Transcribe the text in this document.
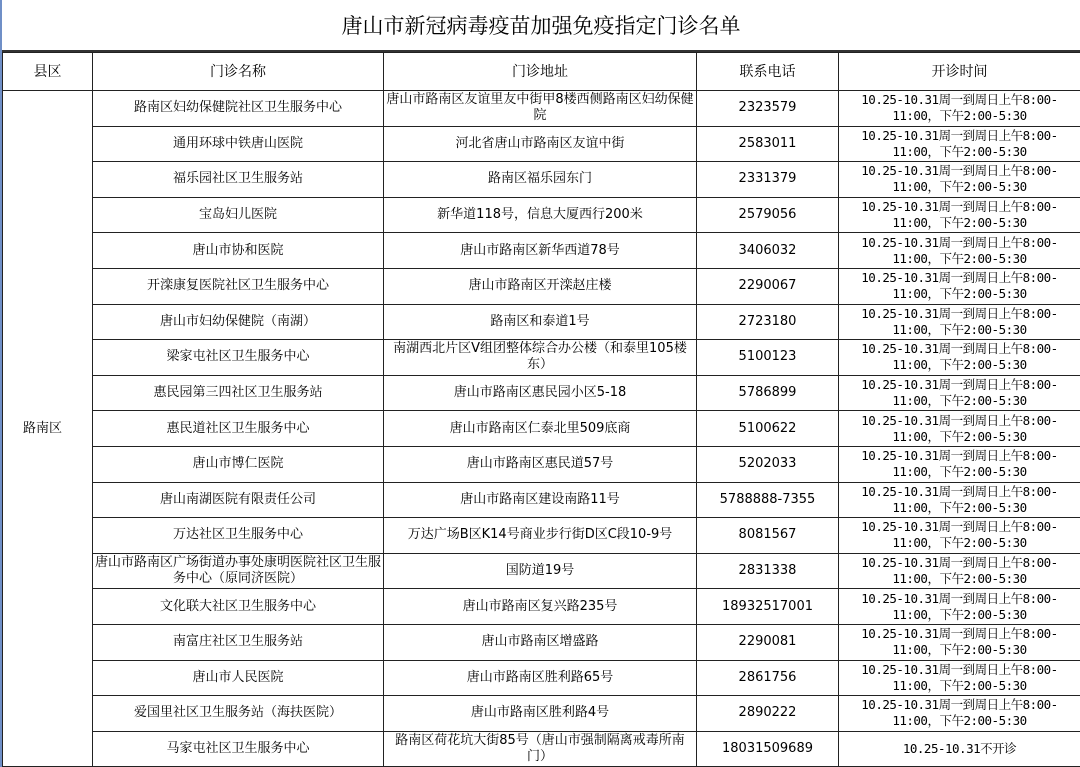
唐山市新冠病毒疫苗加强免疫指定门诊名单
县区	门诊名称	门诊地址	联系电话	开诊时间
路南区	路南区妇幼保健院社区卫生服务中心	唐山市路南区友谊里友中街甲8楼西侧路南区妇幼保健院	2323579	10.25-10.31周一到周日上午8:00-11:00，下午2:00-5:30
	通用环球中铁唐山医院	河北省唐山市路南区友谊中街	2583011	10.25-10.31周一到周日上午8:00-11:00，下午2:00-5:30
	福乐园社区卫生服务站	路南区福乐园东门	2331379	10.25-10.31周一到周日上午8:00-11:00，下午2:00-5:30
	宝岛妇儿医院	新华道118号，信息大厦西行200米	2579056	10.25-10.31周一到周日上午8:00-11:00，下午2:00-5:30
	唐山市协和医院	唐山市路南区新华西道78号	3406032	10.25-10.31周一到周日上午8:00-11:00，下午2:00-5:30
	开滦康复医院社区卫生服务中心	唐山市路南区开滦赵庄楼	2290067	10.25-10.31周一到周日上午8:00-11:00，下午2:00-5:30
	唐山市妇幼保健院（南湖）	路南区和泰道1号	2723180	10.25-10.31周一到周日上午8:00-11:00，下午2:00-5:30
	梁家屯社区卫生服务中心	南湖西北片区V组团整体综合办公楼（和泰里105楼东）	5100123	10.25-10.31周一到周日上午8:00-11:00，下午2:00-5:30
	惠民园第三四社区卫生服务站	唐山市路南区惠民园小区5-18	5786899	10.25-10.31周一到周日上午8:00-11:00，下午2:00-5:30
	惠民道社区卫生服务中心	唐山市路南区仁泰北里509底商	5100622	10.25-10.31周一到周日上午8:00-11:00，下午2:00-5:30
	唐山市博仁医院	唐山市路南区惠民道57号	5202033	10.25-10.31周一到周日上午8:00-11:00，下午2:00-5:30
	唐山南湖医院有限责任公司	唐山市路南区建设南路11号	5788888-7355	10.25-10.31周一到周日上午8:00-11:00，下午2:00-5:30
	万达社区卫生服务中心	万达广场B区K14号商业步行街D区C段10-9号	8081567	10.25-10.31周一到周日上午8:00-11:00，下午2:00-5:30
	唐山市路南区广场街道办事处康明医院社区卫生服务中心（原同济医院）	国防道19号	2831338	10.25-10.31周一到周日上午8:00-11:00，下午2:00-5:30
	文化联大社区卫生服务中心	唐山市路南区复兴路235号	18932517001	10.25-10.31周一到周日上午8:00-11:00，下午2:00-5:30
	南富庄社区卫生服务站	唐山市路南区增盛路	2290081	10.25-10.31周一到周日上午8:00-11:00，下午2:00-5:30
	唐山市人民医院	唐山市路南区胜利路65号	2861756	10.25-10.31周一到周日上午8:00-11:00，下午2:00-5:30
	爱国里社区卫生服务站（海扶医院）	唐山市路南区胜利路4号	2890222	10.25-10.31周一到周日上午8:00-11:00，下午2:00-5:30
	马家屯社区卫生服务中心	路南区荷花坑大街85号（唐山市强制隔离戒毒所南门）	18031509689	10.25-10.31不开诊
